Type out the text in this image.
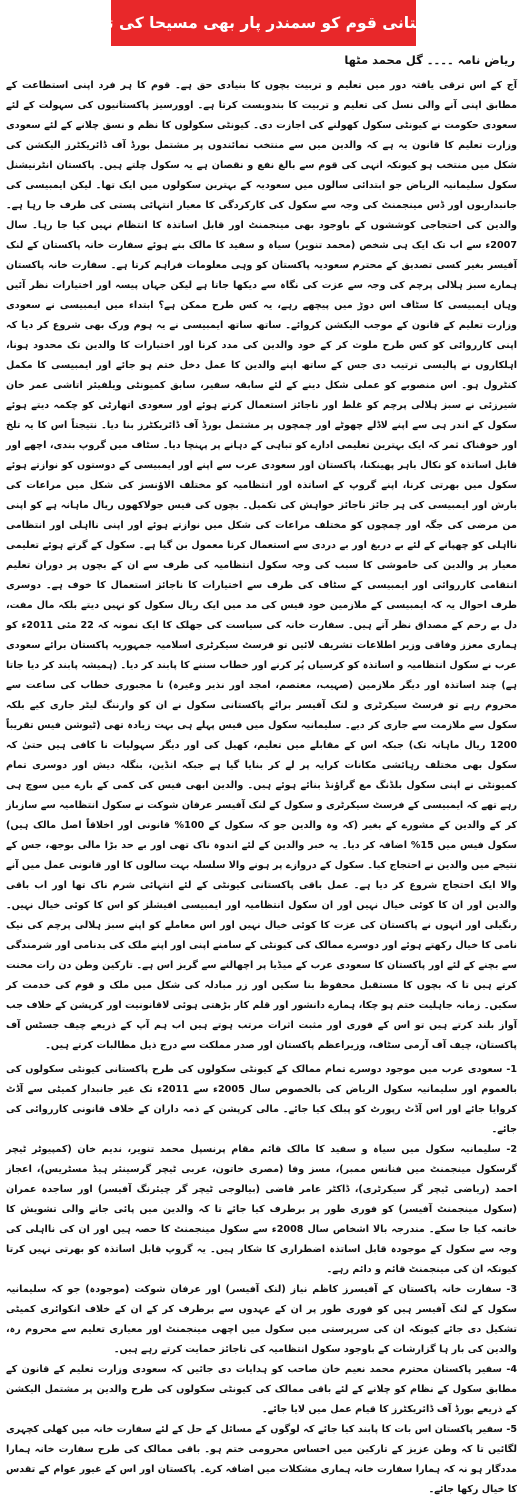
پاکستانی قوم کو سمندر پار بھی مسیحا کی تلاش
ریاض نامہ ۔۔۔۔ گل محمد مٹھا

آج کے اس ترقی یافتہ دور میں تعلیم و تربیت بچوں کا بنیادی حق ہے۔ قوم کا ہر فرد اپنی استطاعت کے مطابق اپنی آنے والی نسل کی تعلیم و تربیت کا بندوبست کرتا ہے۔ اوورسیز پاکستانیوں کی سہولت کے لئے سعودی حکومت نے کیونٹی سکول کھولنے کی اجازت دی۔ کیونٹی سکولوں کا نظم و نسق چلانے کے لئے سعودی وزارت تعلیم کا قانون یہ ہے کہ والدین میں سے منتخب نمائندوں پر مشتمل بورڈ آف ڈائریکٹرز الیکشن کی شکل میں منتخب ہو کیونکہ انہی کی قوم سے بالغ نفع و نقصان ہے یہ سکول چلتے ہیں۔ پاکستان انٹرنیشنل سکول سلیمانیہ الریاض جو ابتدائی سالوں میں سعودیہ کے بہترین سکولوں میں ایک تھا۔ لیکن ایمبیسی کی جانبداریوں اور ڈس مینجمنٹ کی وجہ سے سکول کی کارکردگی کا معیار انتہائی پستی کی طرف جا رہا ہے۔ والدین کی احتجاجی کوششوں کے باوجود بھی مینجمنٹ اور قابل اساتذہ کا انتظام نہیں کیا جا رہا۔ سال 2007ء سے اب تک ایک ہی شخص (محمد تنویر) سیاہ و سفید کا مالک بنے ہوئے سفارت خانہ پاکستان کے لنک آفیسر بغیر کسی تصدیق کے محترم سعودیہ پاکستان کو وہی معلومات فراہم کرتا ہے۔ سفارت خانہ پاکستان ہمارے سبز ہلالی پرچم کی وجہ سے عزت کی نگاہ سے دیکھا جاتا ہے لیکن جہاں پیسہ اور اختیارات نظر آئیں وہاں ایمبیسی کا سٹاف اس دوڑ میں پیچھے رہے، یہ کس طرح ممکن ہے؟ ابتداء میں ایمبیسی نے سعودی وزارت تعلیم کے قانون کے موجب الیکشن کروائے۔ ساتھ ساتھ ایمبیسی نے یہ ہوم ورک بھی شروع کر دیا کہ اپنی کارروائی کو کس طرح ملوث کر کے خود والدین کی مدد کرنا اور اختیارات کا والدین تک محدود ہونا، اہلکاروں نے پالیسی ترتیب دی جس کے ساتھ اپنے والدین کا عمل دخل ختم ہو جائے اور ایمبیسی کا مکمل کنٹرول ہو۔ اس منصوبے کو عملی شکل دینے کے لئے سابقہ سفیر، سابق کمیونٹی ویلفیئر اتاشی عمر خان شیرزئی نے سبز ہلالی پرچم کو غلط اور ناجائز استعمال کرتے ہوئے اور سعودی اتھارٹی کو چکمہ دیتے ہوئے سکول کے اندر ہی سے اپنے لاڈلے چھوٹے اور چمچوں پر مشتمل بورڈ آف ڈائریکٹرز بنا دیا۔ نتیجتاً اس کا یہ تلخ اور خوفناک ثمر کہ ایک بہترین تعلیمی ادارے کو تباہی کے دہانے پر پہنچا دیا۔ سٹاف میں گروپ بندی، اچھے اور قابل اساتذہ کو نکال باہر پھینکنا، پاکستان اور سعودی عرب سے اپنے اور ایمبیسی کے دوستوں کو نوازتے ہوئے سکول میں بھرتی کرنا، اپنے گروپ کے اساتذہ اور انتظامیہ کو مختلف الاؤنسز کی شکل میں مراعات کی بارش اور ایمبیسی کی ہر جائز ناجائز خواہش کی تکمیل۔ بچوں کی فیس جولاکھوں ریال ماہانہ ہے کو اپنی من مرضی کی جگہ اور چمچوں کو مختلف مراعات کی شکل میں نوازتے ہوئے اور اپنی نااہلی اور انتظامی نااہلی کو چھپانے کے لئے بے دریغ اور بے دردی سے استعمال کرنا معمول بن گیا ہے۔ سکول کے گرتے ہوئے تعلیمی معیار پر والدین کی خاموشی کا سبب کی وجہ سکول انتظامیہ کی طرف سے ان کے بچوں پر دوران تعلیم انتقامی کارروائی اور ایمبیسی کے سٹاف کی طرف سے اختیارات کا ناجائز استعمال کا خوف ہے۔ دوسری طرف احوال یہ کہ ایمبیسی کے ملازمین خود فیس کی مد میں ایک ریال سکول کو نہیں دیتے بلکہ مال مفت، دل بے رحم کے مصداق نظر آتے ہیں۔ سفارت خانہ کی سیاست کی جھلک کا ایک نمونہ کہ 22 مئی 2011ء کو ہماری معزز وفاقی وزیر اطلاعات تشریف لائیں تو فرسٹ سیکرٹری اسلامیہ جمہوریہ پاکستان برائے سعودی عرب نے سکول انتظامیہ و اساتذہ کو کرسیاں پُر کرنے اور خطاب سننے کا پابند کر دیا۔ (ہمیشہ پابند کر دیا جاتا ہے) چند اساتذہ اور دیگر ملازمین (صہیب، معتصم، امجد اور نذیر وغیرہ) نا مجبوری خطاب کی ساعت سے محروم رہے تو فرسٹ سیکرٹری و لنک آفیسر برائے پاکستانی سکول نے ان کو وارننگ لیٹر جاری کیے بلکہ سکول سے ملازمت سے جاری کر دیے۔ سلیمانیہ سکول میں فیس پہلے ہی بہت زیادہ تھی (ٹیوشن فیس تقریباً 1200 ریال ماہانہ تک) جبکہ اس کے مقابلے میں تعلیم، کھیل کی اور دیگر سہولیات نا کافی ہیں حتیٰ کہ سکول بھی مختلف رہائشی مکانات کرایہ پر لے کر بنایا گیا ہے جبکہ انڈین، بنگلہ دیش اور دوسری تمام کمیونٹی نے اپنی سکول بلڈنگ مع گراؤنڈ بنائے ہوئے ہیں۔ والدین ابھی فیس کی کمی کے بارے میں سوچ ہی رہے تھے کہ ایمبیسی کے فرسٹ سیکرٹری و سکول کے لنک آفیسر عرفان شوکت نے سکول انتظامیہ سے سازباز کر کے والدین کے مشورے کے بغیر (کہ وہ والدین جو کہ سکول کے 100% قانونی اور اخلاقاً اصل مالک ہیں) سکول فیس میں 15% اضافہ کر دیا۔ یہ خبر والدین کے لئے اندوہ ناک تھی اور بے حد بڑا مالی بوجھ، جس کے نتیجے میں والدین نے احتجاج کیا۔ سکول کے دروازے پر ہونے والا سلسلہ بہت سالوں کا اور قانونی عمل میں آنے والا ایک احتجاج شروع کر دیا ہے۔ عمل باقی پاکستانی کیونٹی کے لئے انتہائی شرم ناک تھا اور اب باقی والدین اور ان کا کوئی خیال نہیں اور ان سکول انتظامیہ اور ایمبیسی افیشلز کو اس کا کوئی خیال نہیں۔ رنگیلی اور انہوں نے پاکستان کی عزت کا کوئی خیال نہیں اور اس معاملے کو اپنے سبز ہلالی پرچم کی نیک نامی کا خیال رکھتے ہوئے اور دوسرے ممالک کی کیونٹی کے سامنے اپنی اور اپنے ملک کی بدنامی اور شرمندگی سے بچنے کے لئے اور پاکستان کا سعودی عرب کے میڈیا پر اچھالنے سے گریز اس ہے۔ تارکین وطن دن رات محنت کرتے ہیں تا کہ بچوں کا مستقبل محفوظ بنا سکیں اور زر مبادلہ کی شکل میں ملک و قوم کی خدمت کر سکیں۔ زمانہ جاہلیت ختم ہو چکا، ہمارے دانشور اور قلم کار بڑھتی ہوئی لاقانونیت اور کرپشن کے خلاف جب آواز بلند کرتے ہیں تو اس کے فوری اور مثبت اثرات مرتب ہوتے ہیں اب ہم آپ کے ذریعے چیف جسٹس آف پاکستان، چیف آف آرمی سٹاف، وزیراعظم پاکستان اور صدر مملکت سے درج ذیل مطالبات کرتے ہیں۔

1- سعودی عرب میں موجود دوسرے تمام ممالک کے کیونٹی سکولوں کی طرح پاکستانی کیونٹی سکولوں کی بالعموم اور سلیمانیہ سکول الریاض کی بالخصوص سال 2005ء سے 2011ء تک غیر جانبدار کمیٹی سے آڈٹ کروایا جائے اور اس آڈٹ رپورٹ کو پبلک کیا جائے۔ مالی کرپشن کے ذمہ داران کے خلاف قانونی کارروائی کی جائے۔

2- سلیمانیہ سکول میں سیاہ و سفید کا مالک قائم مقام پرنسپل محمد تنویر، ندیم خان (کمپیوٹر ٹیچر گرسکول مینجمنٹ میں فنانس ممبر)، مسز وفا (مصری خاتون، عربی ٹیچر گرسینئر ہیڈ مسٹریس)، اعجاز احمد (ریاضی ٹیچر گر سیکرٹری)، ڈاکٹر عامر قاضی (بیالوجی ٹیچر گر چیئرنگ آفیسر) اور ساجدہ عمران (سکول مینجمنٹ آفیسر) کو فوری طور پر برطرف کیا جائے تا کہ والدین میں پائی جانے والی تشویش کا خاتمہ کیا جا سکے۔ مندرجہ بالا اشخاص سال 2008ء سے سکول مینجمنٹ کا حصہ ہیں اور ان کی نااہلی کی وجہ سے سکول کے موجودہ قابل اساتذہ اضطراری کا شکار ہیں۔ یہ گروپ قابل اساتذہ کو بھرتی نہیں کرتا کیونکہ ان کی مینجمنٹ قائم و دائم رہے۔

3- سفارت خانہ پاکستان کے آفیسرز کاظم نیاز (لنک آفیسر) اور عرفان شوکت (موجودہ) جو کہ سلیمانیہ سکول کے لنک آفیسر ہیں کو فوری طور پر ان کے عہدوں سے برطرف کر کے ان کے خلاف انکوائری کمیٹی تشکیل دی جائے کیونکہ ان کی سرپرستی میں سکول میں اچھی مینجمنٹ اور معیاری تعلیم سے محروم رہ، والدین کی بار ہا گزارشات کے باوجود سکول انتظامیہ کی ناجائز حمایت کرتے رہے ہیں۔

4- سفیر پاکستان محترم محمد نعیم خان صاحب کو ہدایات دی جائیں کہ سعودی وزارت تعلیم کے قانون کے مطابق سکول کے نظام کو چلانے کے لئے باقی ممالک کی کیونٹی سکولوں کی طرح والدین پر مشتمل الیکشن کے ذریعے بورڈ آف ڈائریکٹرز کا قیام عمل میں لایا جائے۔

5- سفیر پاکستان اس بات کا پابند کیا جائے کہ لوگوں کے مسائل کے حل کے لئے سفارت خانہ میں کھلی کچہری لگائیں تا کہ وطن عزیز کے تارکین میں احساس محرومی ختم ہو۔ باقی ممالک کی طرح سفارت خانہ ہمارا مددگار ہو نہ کہ ہمارا سفارت خانہ ہماری مشکلات میں اضافہ کرے۔ پاکستان اور اس کے غیور عوام کے تقدس کا خیال رکھا جائے۔
